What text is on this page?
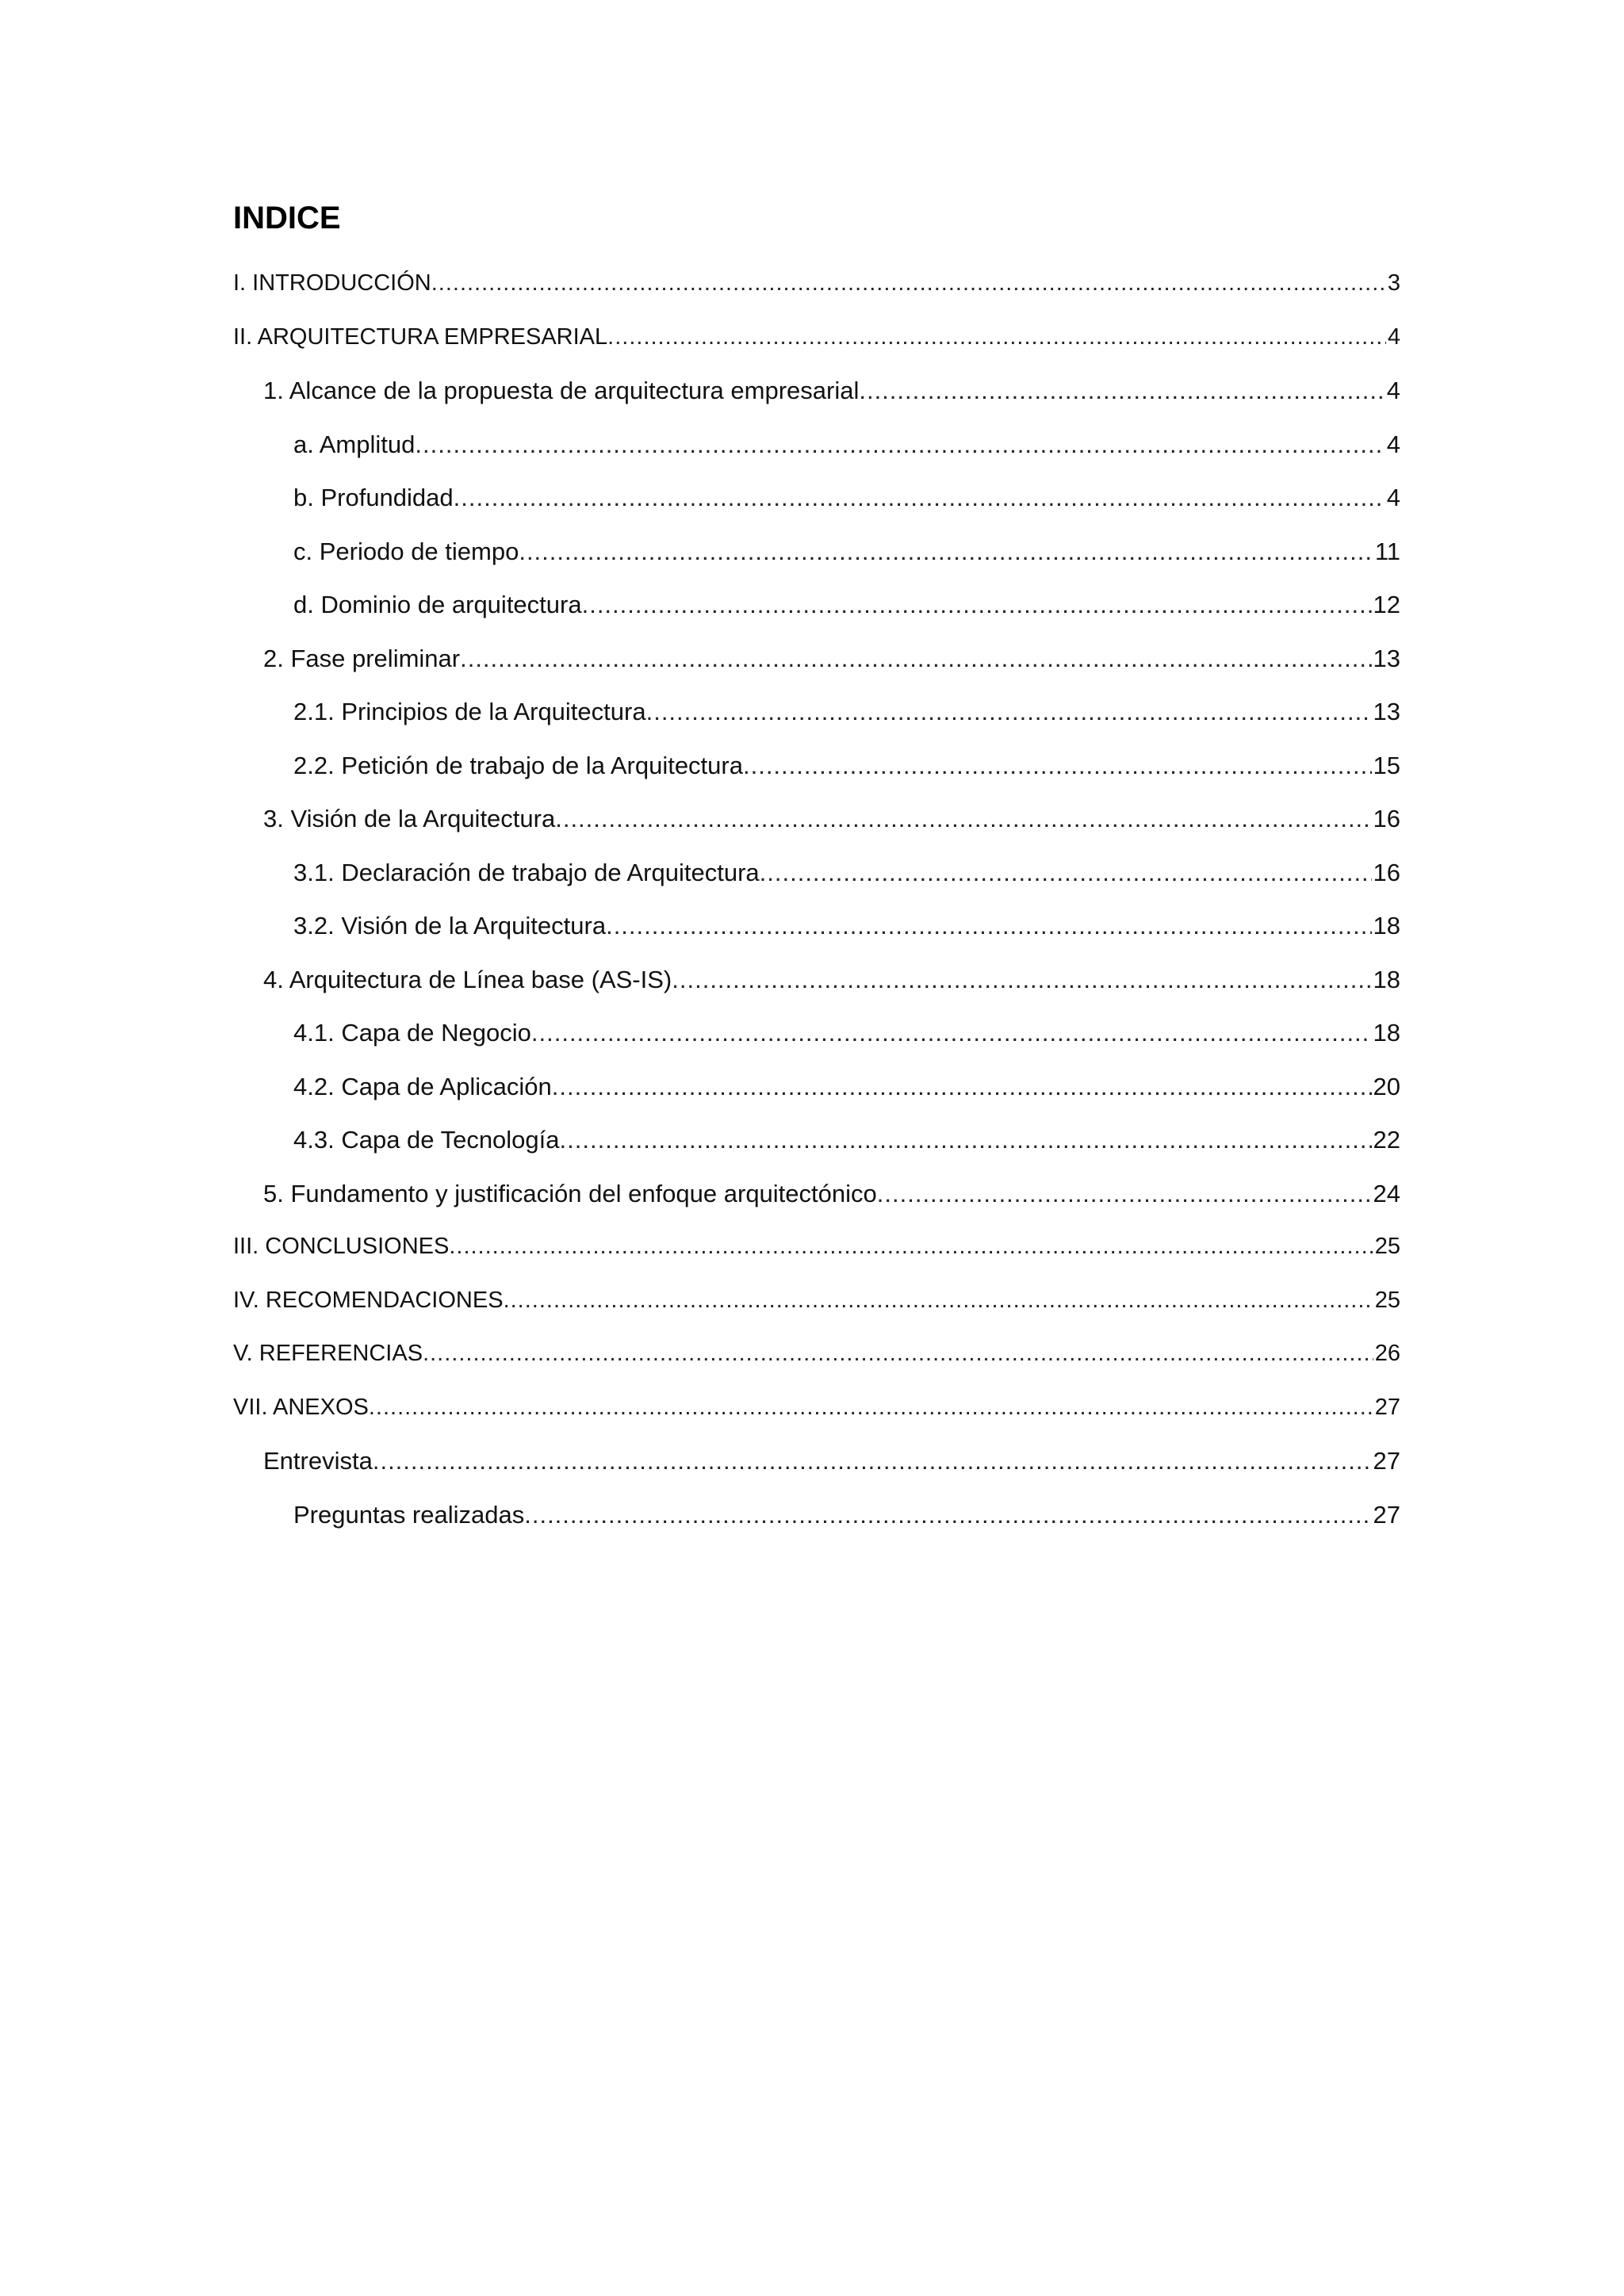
INDICE
I. INTRODUCCIÓN .....	3
II. ARQUITECTURA EMPRESARIAL .....	4
1. Alcance de la propuesta de arquitectura empresarial .....	4
a. Amplitud .....	4
b. Profundidad .....	4
c. Periodo de tiempo .....	11
d. Dominio de arquitectura .....	12
2. Fase preliminar .....	13
2.1. Principios de la Arquitectura .....	13
2.2. Petición de trabajo de la Arquitectura .....	15
3. Visión de la Arquitectura .....	16
3.1. Declaración de trabajo de Arquitectura .....	16
3.2. Visión de la Arquitectura .....	18
4. Arquitectura de Línea base (AS-IS) .....	18
4.1. Capa de Negocio .....	18
4.2. Capa de Aplicación .....	20
4.3. Capa de Tecnología .....	22
5. Fundamento y justificación del enfoque arquitectónico .....	24
III. CONCLUSIONES .....	25
IV. RECOMENDACIONES .....	25
V. REFERENCIAS .....	26
VII. ANEXOS .....	27
Entrevista .....	27
Preguntas realizadas .....	27
